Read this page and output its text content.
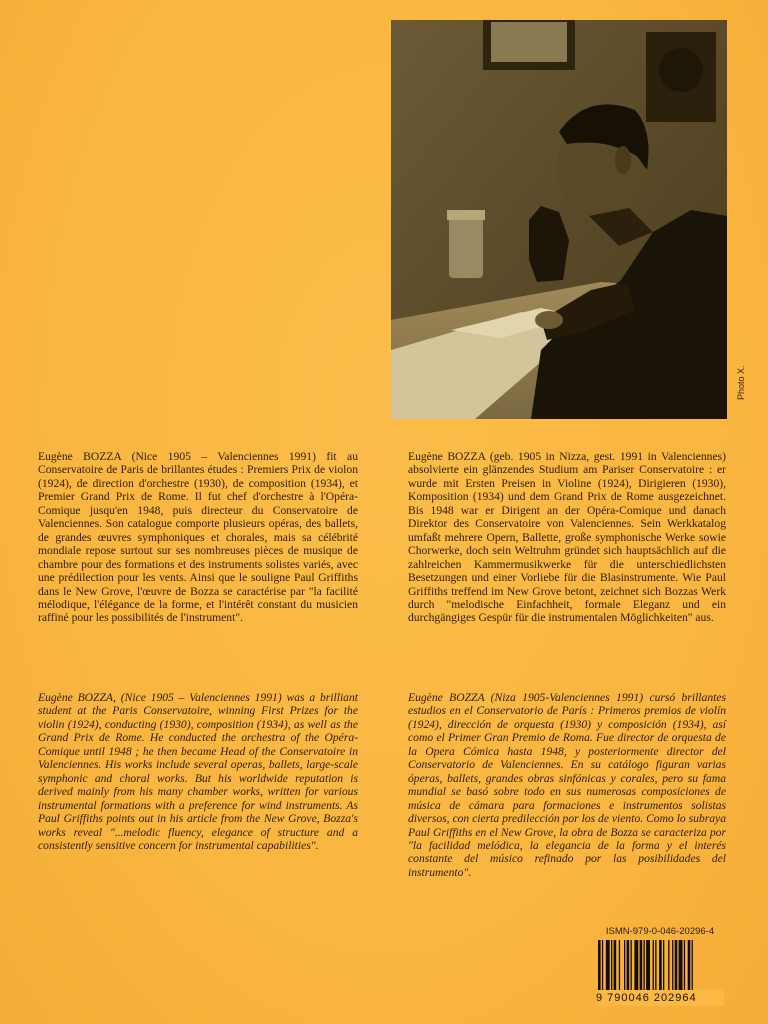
Photo X.

Eugène BOZZA (Nice 1905 – Valenciennes 1991) fit au Conservatoire de Paris de brillantes études : Premiers Prix de violon (1924), de direction d'orchestre (1930), de composition (1934), et Premier Grand Prix de Rome. Il fut chef d'orchestre à l'Opéra-Comique jusqu'en 1948, puis directeur du Conservatoire de Valenciennes. Son catalogue comporte plusieurs opéras, des ballets, de grandes œuvres symphoniques et chorales, mais sa célébrité mondiale repose surtout sur ses nombreuses pièces de musique de chambre pour des formations et des instruments solistes variés, avec une prédilection pour les vents. Ainsi que le souligne Paul Griffiths dans le New Grove, l'œuvre de Bozza se caractérise par "la facilité mélodique, l'élégance de la forme, et l'intérêt constant du musicien raffiné pour les possibilités de l'instrument".

Eugène BOZZA (geb. 1905 in Nizza, gest. 1991 in Valenciennes) absolvierte ein glänzendes Studium am Pariser Conservatoire : er wurde mit Ersten Preisen in Violine (1924), Dirigieren (1930), Komposition (1934) und dem Grand Prix de Rome ausgezeichnet. Bis 1948 war er Dirigent an der Opéra-Comique und danach Direktor des Conservatoire von Valenciennes. Sein Werkkatalog umfaßt mehrere Opern, Ballette, große symphonische Werke sowie Chorwerke, doch sein Weltruhm gründet sich hauptsächlich auf die zahlreichen Kammermusikwerke für die unterschiedlichsten Besetzungen und einer Vorliebe für die Blasinstrumente. Wie Paul Griffiths treffend im New Grove betont, zeichnet sich Bozzas Werk durch "melodische Einfachheit, formale Eleganz und ein durchgängiges Gespür für die instrumentalen Möglichkeiten" aus.

Eugène BOZZA, (Nice 1905 – Valenciennes 1991) was a brilliant student at the Paris Conservatoire, winning First Prizes for the violin (1924), conducting (1930), composition (1934), as well as the Grand Prix de Rome. He conducted the orchestra of the Opéra-Comique until 1948 ; he then became Head of the Conservatoire in Valenciennes. His works include several operas, ballets, large-scale symphonic and choral works. But his worldwide reputation is derived mainly from his many chamber works, written for various instrumental formations with a preference for wind instruments. As Paul Griffiths points out in his article from the New Grove, Bozza's works reveal "...melodic fluency, elegance of structure and a consistently sensitive concern for instrumental capabilities".

Eugène BOZZA (Niza 1905-Valenciennes 1991) cursó brillantes estudios en el Conservatorio de París : Primeros premios de violín (1924), dirección de orquesta (1930) y composición (1934), así como el Primer Gran Premio de Roma. Fue director de orquesta de la Opera Cómica hasta 1948, y posteriormente director del Conservatorio de Valenciennes. En su catálogo figuran varias óperas, ballets, grandes obras sinfónicas y corales, pero su fama mundial se basó sobre todo en sus numerosas composiciones de música de cámara para formaciones e instrumentos solistas diversos, con cierta predilección por los de viento. Como lo subraya Paul Griffiths en el New Grove, la obra de Bozza se caracteriza por "la facilidad melódica, la elegancia de la forma y el interés constante del músico refinado por las posibilidades del instrumento".

ISMN-979-0-046-20296-4
9 790046 202964
